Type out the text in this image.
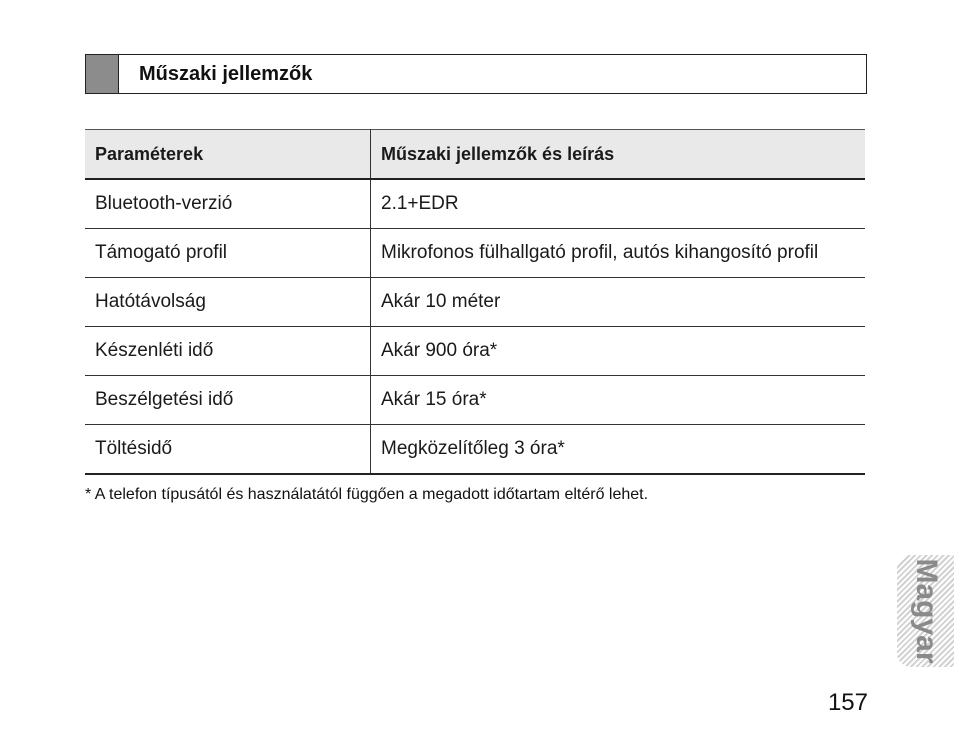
Műszaki jellemzők
Paraméterek	Műszaki jellemzők és leírás
Bluetooth-verzió	2.1+EDR
Támogató profil	Mikrofonos fülhallgató profil, autós kihangosító profil
Hatótávolság	Akár 10 méter
Készenléti idő	Akár 900 óra*
Beszélgetési idő	Akár 15 óra*
Töltésidő	Megközelítőleg 3 óra*
* A telefon típusától és használatától függően a megadott időtartam eltérő lehet.
Magyar
157
